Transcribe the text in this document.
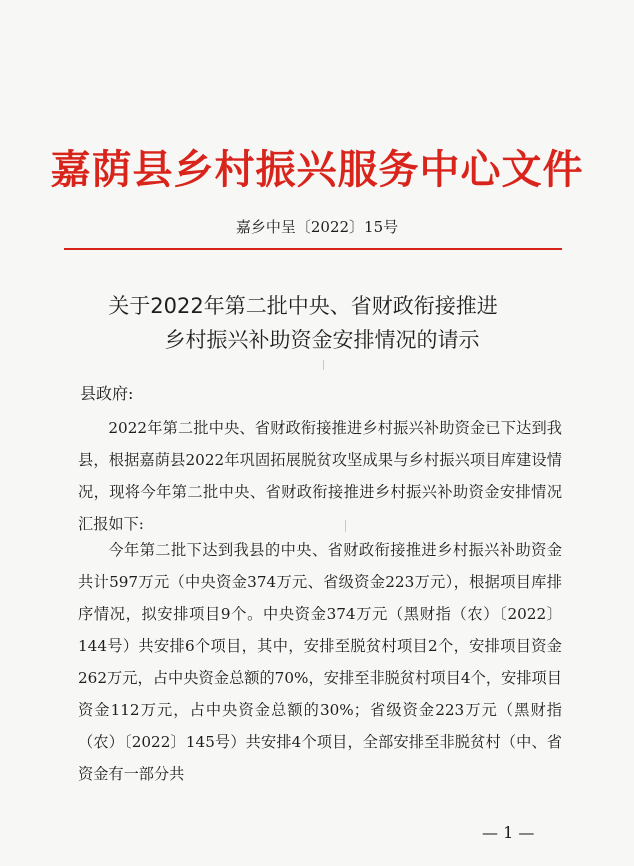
嘉荫县乡村振兴服务中心文件
嘉乡中呈〔2022〕15号
关于2022年第二批中央、省财政衔接推进
乡村振兴补助资金安排情况的请示
县政府:

2022年第二批中央、省财政衔接推进乡村振兴补助资金已下达到我县，根据嘉荫县2022年巩固拓展脱贫攻坚成果与乡村振兴项目库建设情况，现将今年第二批中央、省财政衔接推进乡村振兴补助资金安排情况汇报如下:

今年第二批下达到我县的中央、省财政衔接推进乡村振兴补助资金共计597万元（中央资金374万元、省级资金223万元），根据项目库排序情况，拟安排项目9个。中央资金374万元（黑财指（农）〔2022〕144号）共安排6个项目，其中，安排至脱贫村项目2个，安排项目资金262万元，占中央资金总额的70%，安排至非脱贫村项目4个，安排项目资金112万元，占中央资金总额的30%；省级资金223万元（黑财指（农）〔2022〕145号）共安排4个项目，全部安排至非脱贫村（中、省资金有一部分共

— 1 —
